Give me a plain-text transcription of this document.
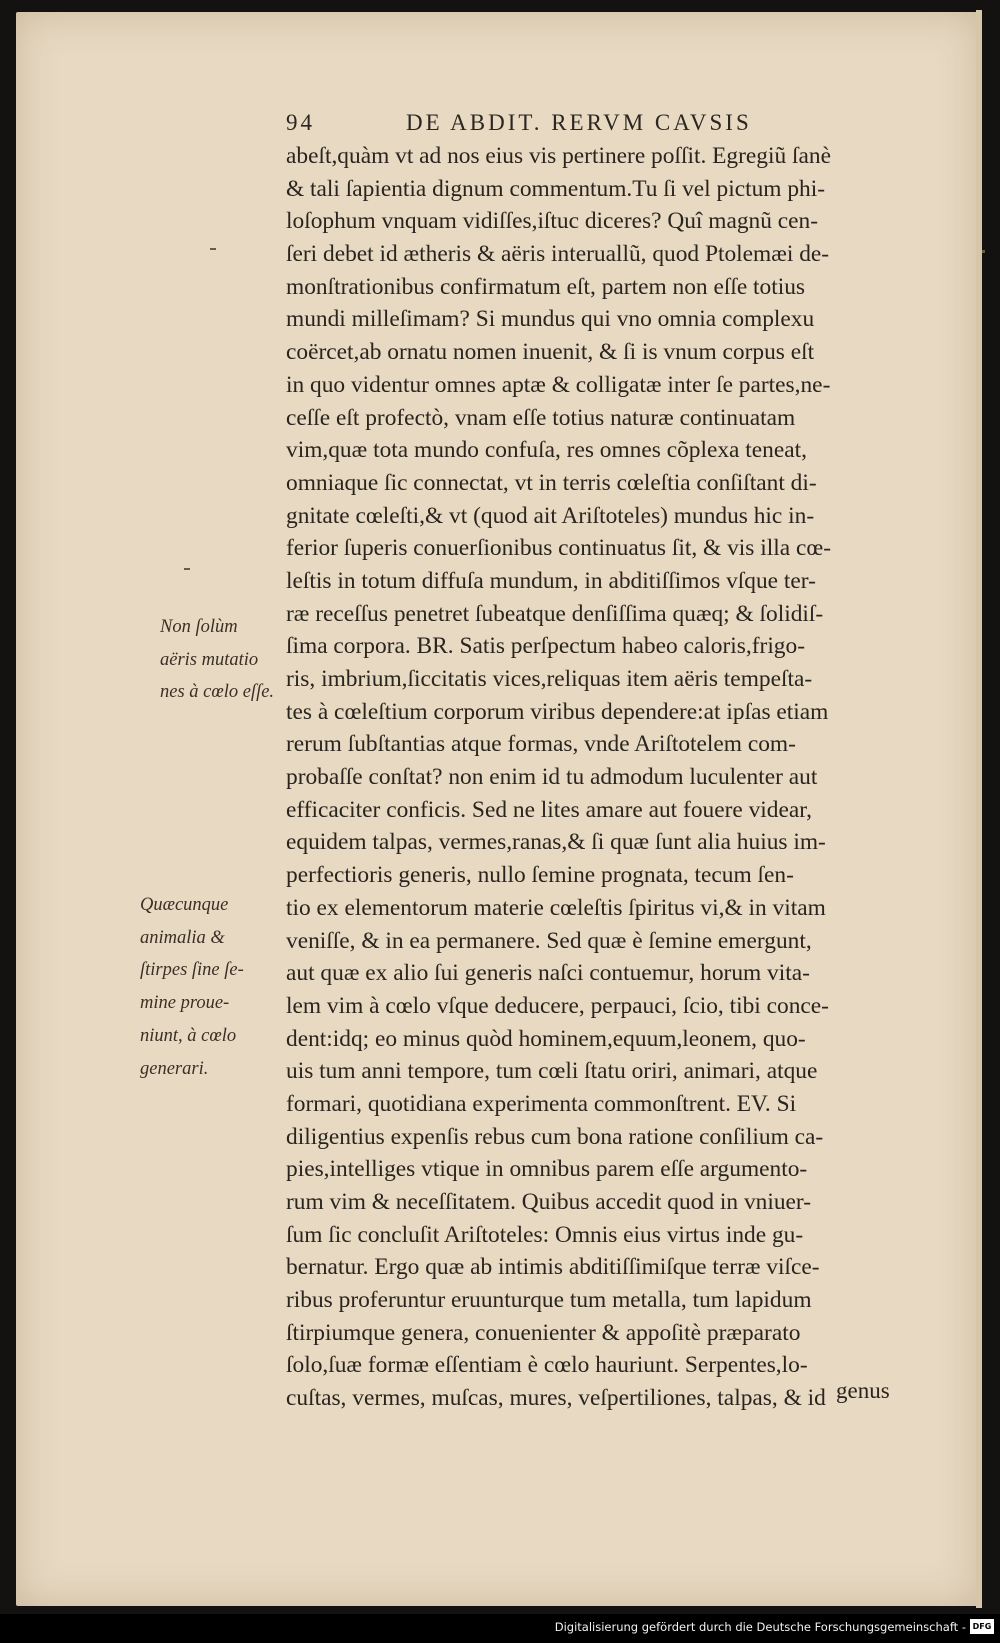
94	DE ABDIT. RERVM CAVSIS
abeſt,quàm vt ad nos eius vis pertinere poſſit. Egregiũ ſanè
& tali ſapientia dignum commentum.Tu ſi vel pictum phi-
loſophum vnquam vidiſſes,iſtuc diceres? Quî magnũ cen-
ſeri debet id ætheris & aëris interuallũ, quod Ptolemæi de-
monſtrationibus confirmatum eſt, partem non eſſe totius
mundi milleſimam? Si mundus qui vno omnia complexu
coërcet,ab ornatu nomen inuenit, & ſi is vnum corpus eſt
in quo videntur omnes aptæ & colligatæ inter ſe partes,ne-
ceſſe eſt profectò, vnam eſſe totius naturæ continuatam
vim,quæ tota mundo confuſa, res omnes cõplexa teneat,
omniaque ſic connectat, vt in terris cœleſtia conſiſtant di-
gnitate cœleſti,& vt (quod ait Ariſtoteles) mundus hic in-
ferior ſuperis conuerſionibus continuatus ſit, & vis illa cœ-
leſtis in totum diffuſa mundum, in abditiſſimos vſque ter-
ræ receſſus penetret ſubeatque denſiſſima quæq; & ſolidiſ-
ſima corpora. BR. Satis perſpectum habeo caloris,frigo-
ris, imbrium,ſiccitatis vices,reliquas item aëris tempeſta-
tes à cœleſtium corporum viribus dependere:at ipſas etiam
rerum ſubſtantias atque formas, vnde Ariſtotelem com-
probaſſe conſtat? non enim id tu admodum luculenter aut
efficaciter conficis. Sed ne lites amare aut fouere videar,
equidem talpas, vermes,ranas,& ſi quæ ſunt alia huius im-
perfectioris generis, nullo ſemine prognata, tecum ſen-
tio ex elementorum materie cœleſtis ſpiritus vi,& in vitam
veniſſe, & in ea permanere. Sed quæ è ſemine emergunt,
aut quæ ex alio ſui generis naſci contuemur, horum vita-
lem vim à cœlo vſque deducere, perpauci, ſcio, tibi conce-
dent:idq; eo minus quòd hominem,equum,leonem, quo-
uis tum anni tempore, tum cœli ſtatu oriri, animari, atque
formari, quotidiana experimenta commonſtrent. EV. Si
diligentius expenſis rebus cum bona ratione conſilium ca-
pies,intelliges vtique in omnibus parem eſſe argumento-
rum vim & neceſſitatem. Quibus accedit quod in vniuer-
ſum ſic concluſit Ariſtoteles: Omnis eius virtus inde gu-
bernatur. Ergo quæ ab intimis abditiſſimiſque terræ viſce-
ribus proferuntur eruunturque tum metalla, tum lapidum
ſtirpiumque genera, conuenienter & appoſitè præparato
ſolo,ſuæ formæ eſſentiam è cœlo hauriunt. Serpentes,lo-
cuſtas, vermes, muſcas, mures, veſpertiliones, talpas, & id genus
Non ſolùm
aëris mutatio
nes à cœlo eſſe.
Quæcunque
animalia &
ſtirpes ſine ſe-
mine proue-
niunt, à cœlo
generari.
Digitalisierung gefördert durch die Deutsche Forschungsgemeinschaft - DFG
